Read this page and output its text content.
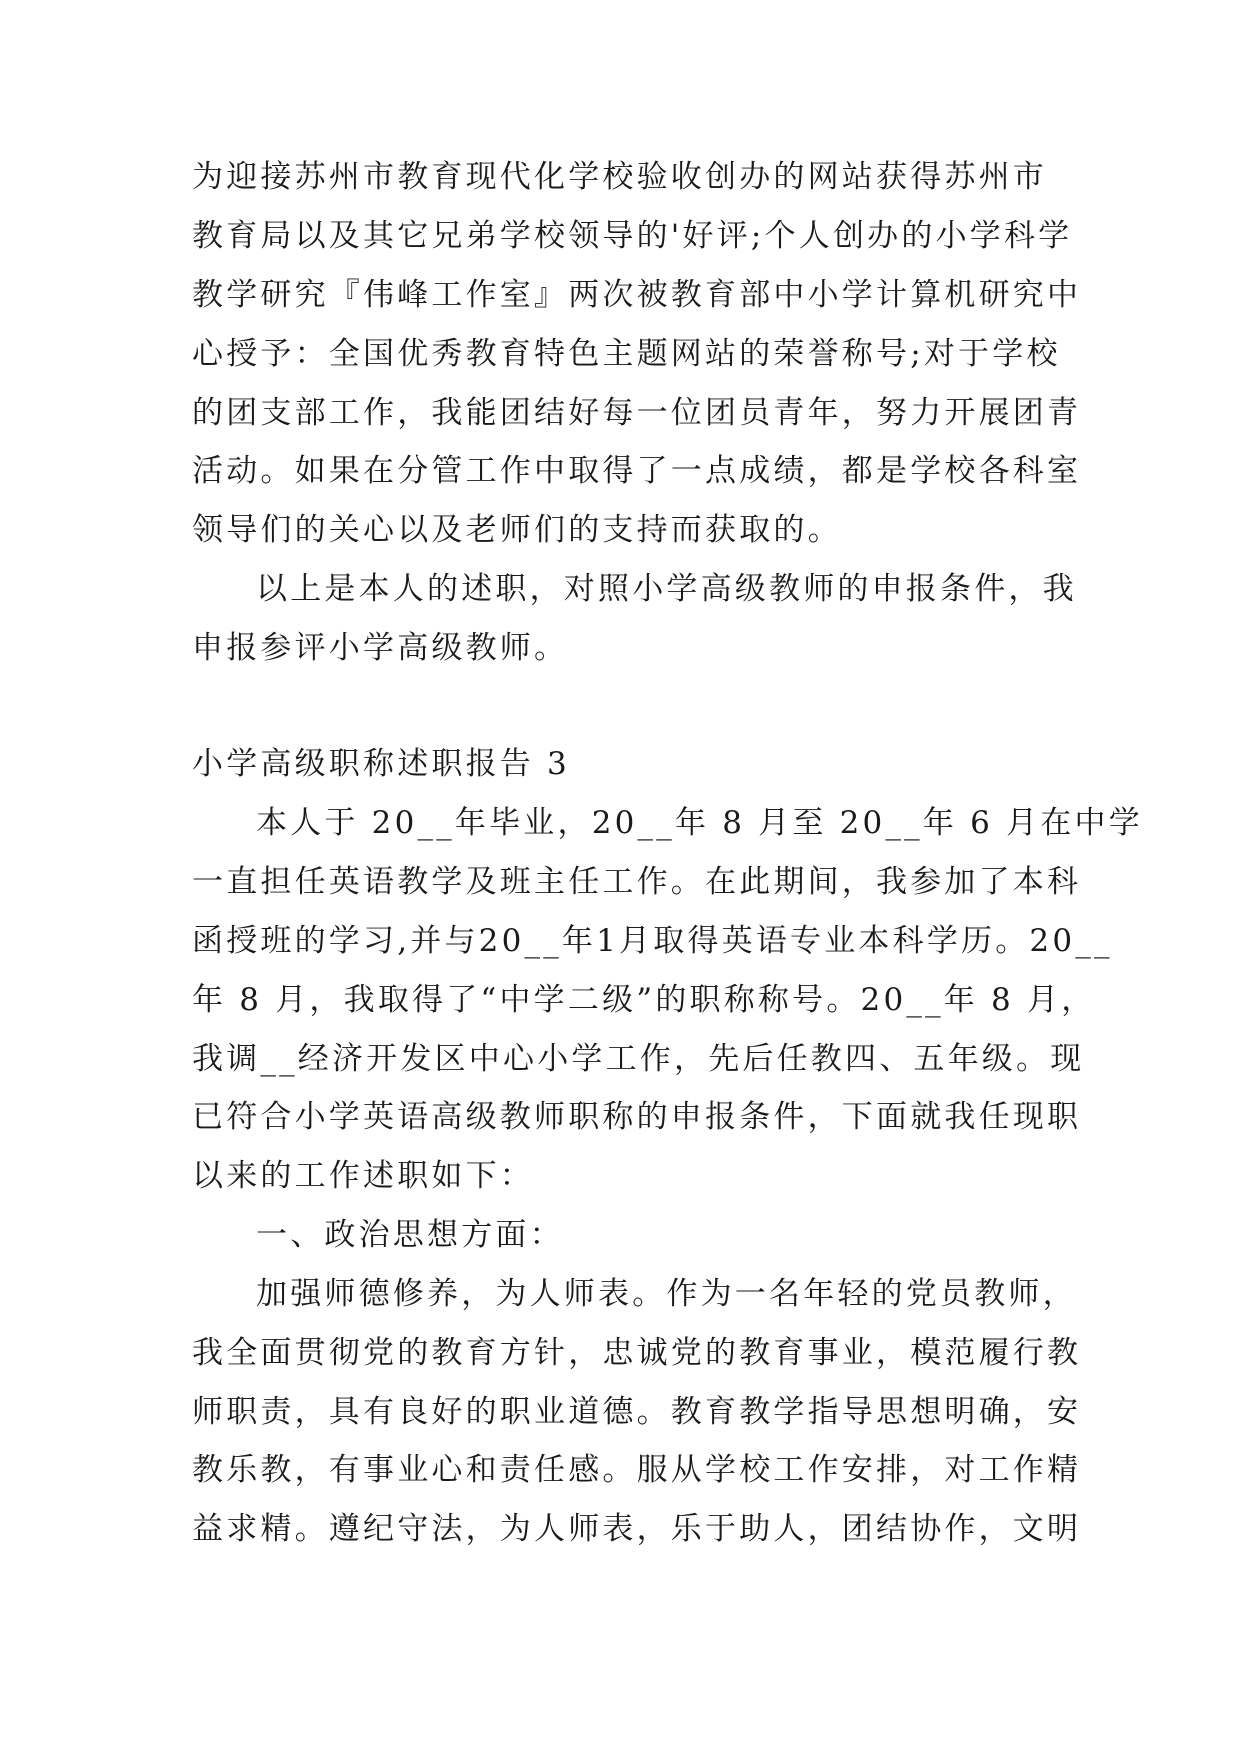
为迎接苏州市教育现代化学校验收创办的网站获得苏州市
教育局以及其它兄弟学校领导的'好评;个人创办的小学科学
教学研究『伟峰工作室』两次被教育部中小学计算机研究中
心授予：全国优秀教育特色主题网站的荣誉称号;对于学校
的团支部工作，我能团结好每一位团员青年，努力开展团青
活动。如果在分管工作中取得了一点成绩，都是学校各科室
领导们的关心以及老师们的支持而获取的。
以上是本人的述职，对照小学高级教师的申报条件，我
申报参评小学高级教师。
小学高级职称述职报告 3
本人于 20__年毕业，20__年 8 月至 20__年 6 月在中学
一直担任英语教学及班主任工作。在此期间，我参加了本科
函授班的学习,并与20__年1月取得英语专业本科学历。20__
年 8 月，我取得了“中学二级”的职称称号。20__年 8 月，
我调__经济开发区中心小学工作，先后任教四、五年级。现
已符合小学英语高级教师职称的申报条件，下面就我任现职
以来的工作述职如下：
一、政治思想方面：
加强师德修养，为人师表。作为一名年轻的党员教师，
我全面贯彻党的教育方针，忠诚党的教育事业，模范履行教
师职责，具有良好的职业道德。教育教学指导思想明确，安
教乐教，有事业心和责任感。服从学校工作安排，对工作精
益求精。遵纪守法，为人师表，乐于助人，团结协作，文明
